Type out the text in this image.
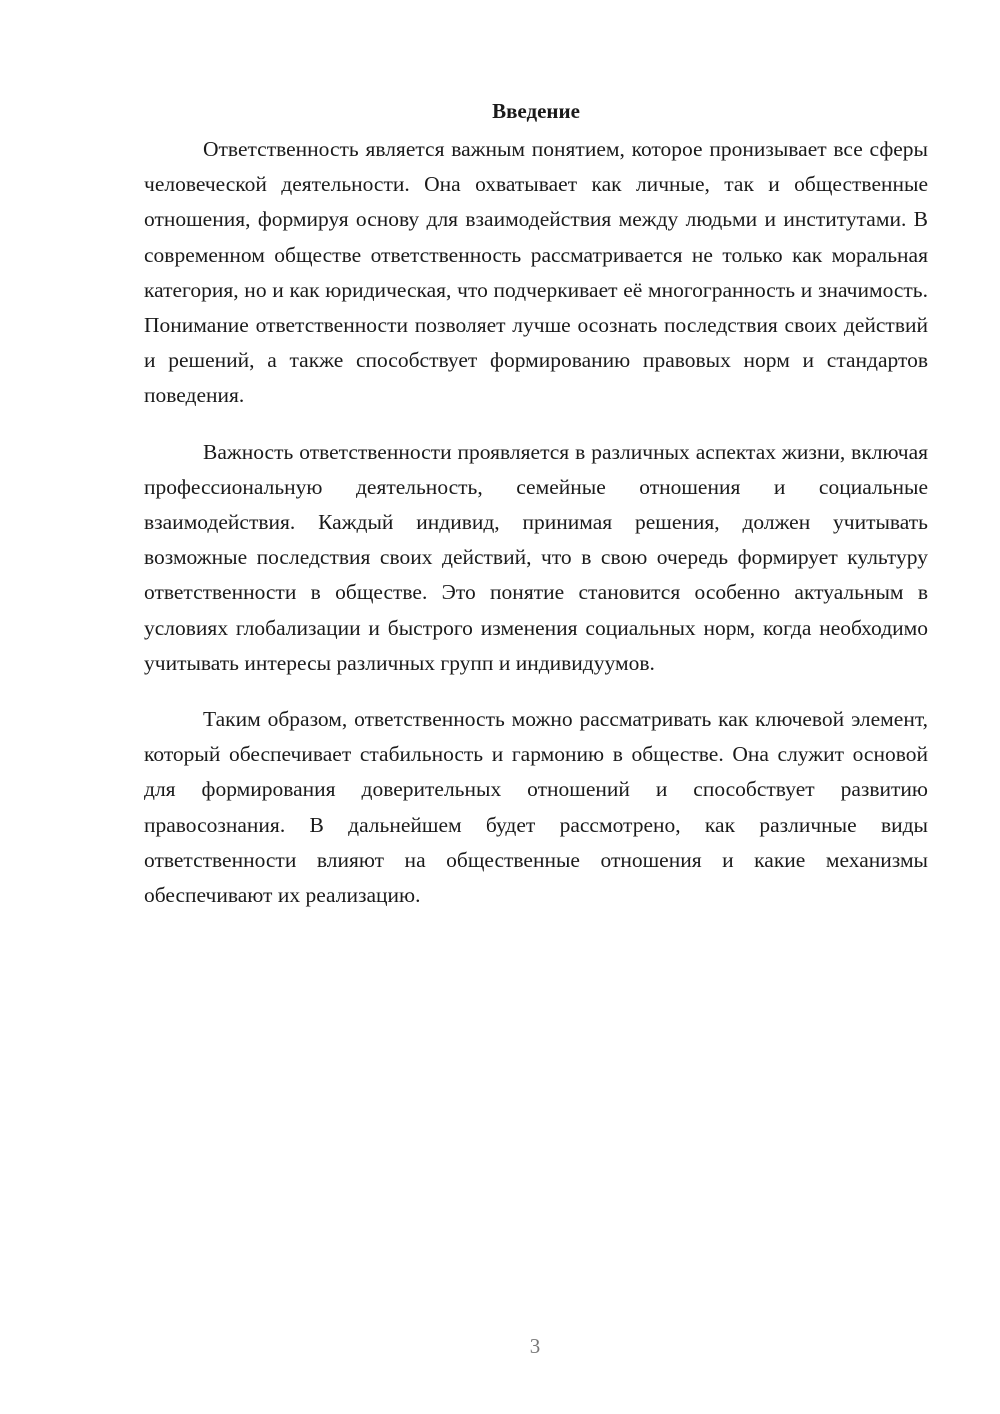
Введение

Ответственность является важным понятием, которое пронизывает все сферы человеческой деятельности. Она охватывает как личные, так и общественные отношения, формируя основу для взаимодействия между людьми и институтами. В современном обществе ответственность рассматривается не только как моральная категория, но и как юридическая, что подчеркивает её многогранность и значимость. Понимание ответственности позволяет лучше осознать последствия своих действий и решений, а также способствует формированию правовых норм и стандартов поведения.

Важность ответственности проявляется в различных аспектах жизни, включая профессиональную деятельность, семейные отношения и социальные взаимодействия. Каждый индивид, принимая решения, должен учитывать возможные последствия своих действий, что в свою очередь формирует культуру ответственности в обществе. Это понятие становится особенно актуальным в условиях глобализации и быстрого изменения социальных норм, когда необходимо учитывать интересы различных групп и индивидуумов.

Таким образом, ответственность можно рассматривать как ключевой элемент, который обеспечивает стабильность и гармонию в обществе. Она служит основой для формирования доверительных отношений и способствует развитию правосознания. В дальнейшем будет рассмотрено, как различные виды ответственности влияют на общественные отношения и какие механизмы обеспечивают их реализацию.

3
